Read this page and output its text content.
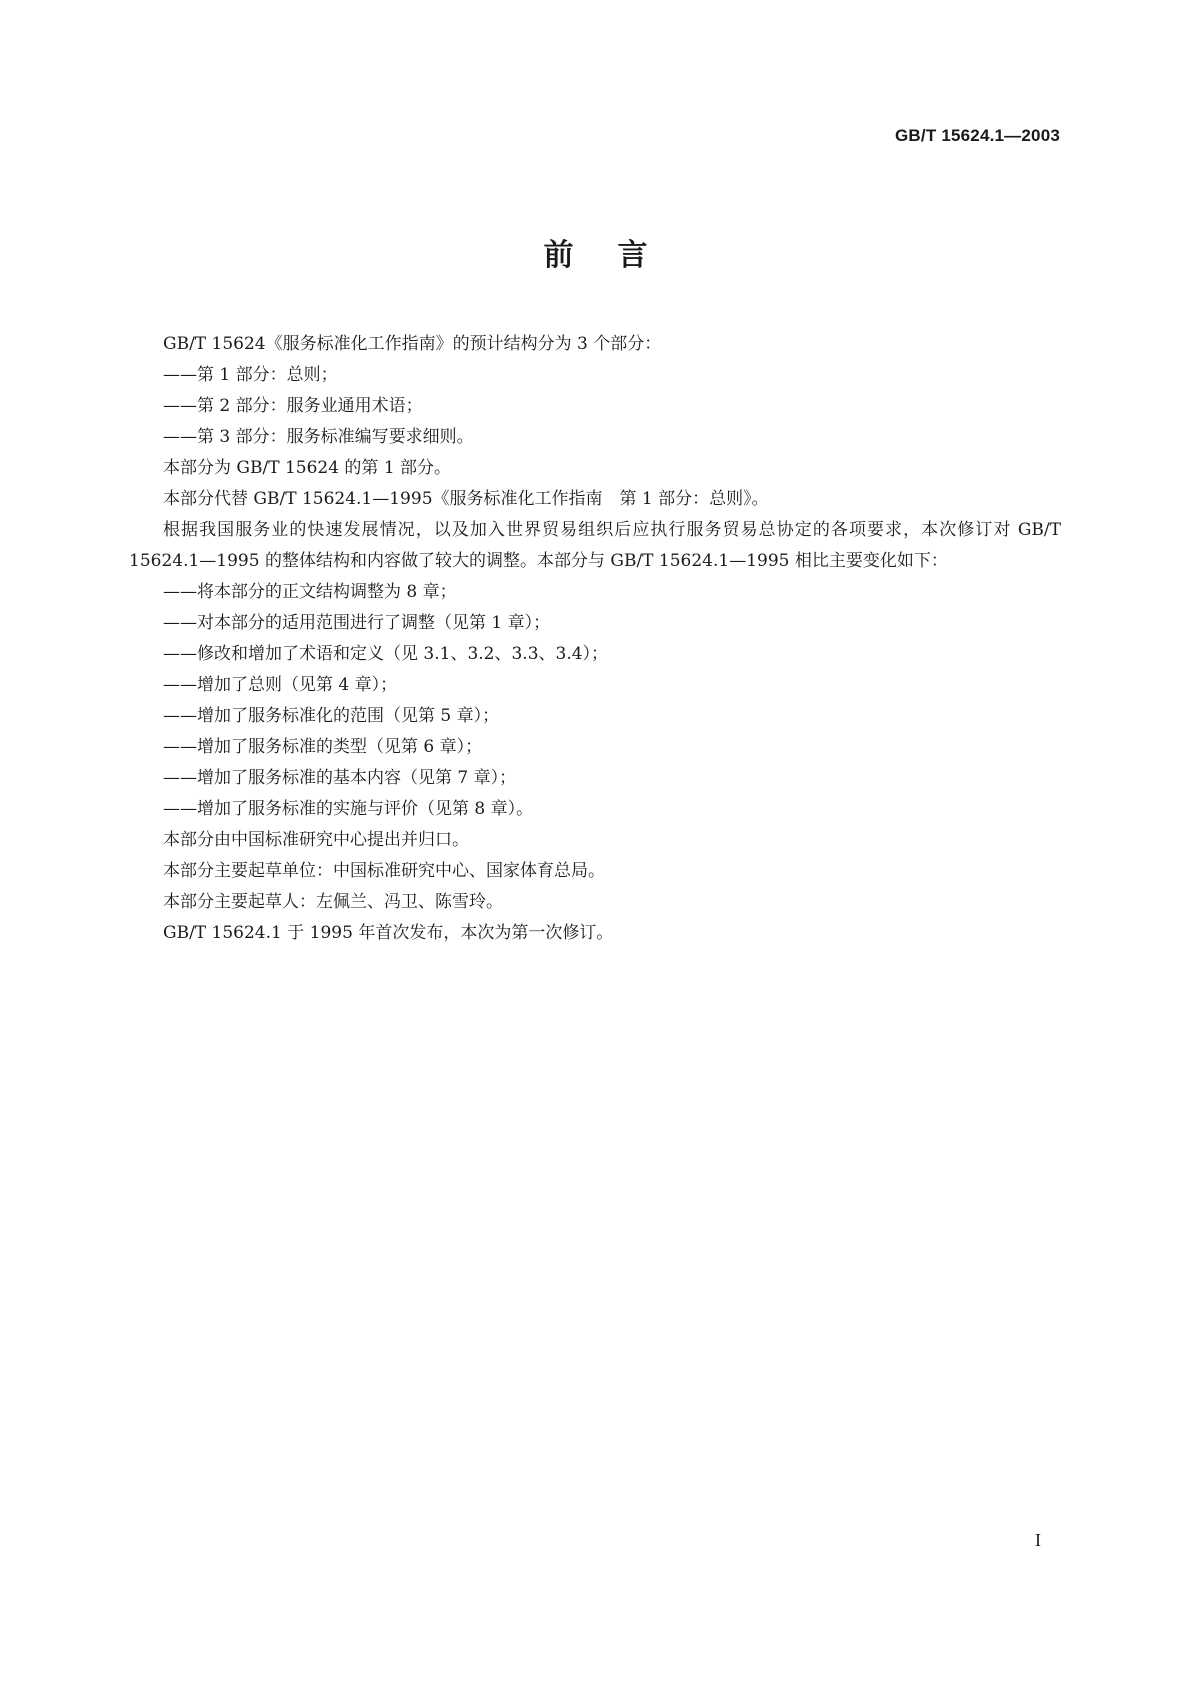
GB/T 15624.1—2003
前言

GB/T 15624《服务标准化工作指南》的预计结构分为 3 个部分：

——第 1 部分：总则；

——第 2 部分：服务业通用术语；

——第 3 部分：服务标准编写要求细则。

本部分为 GB/T 15624 的第 1 部分。

本部分代替 GB/T 15624.1—1995《服务标准化工作指南　第 1 部分：总则》。

根据我国服务业的快速发展情况，以及加入世界贸易组织后应执行服务贸易总协定的各项要求，本次修订对 GB/T 15624.1—1995 的整体结构和内容做了较大的调整。本部分与 GB/T 15624.1—1995 相比主要变化如下：

——将本部分的正文结构调整为 8 章；

——对本部分的适用范围进行了调整（见第 1 章）；

——修改和增加了术语和定义（见 3.1、3.2、3.3、3.4）；

——增加了总则（见第 4 章）；

——增加了服务标准化的范围（见第 5 章）；

——增加了服务标准的类型（见第 6 章）；

——增加了服务标准的基本内容（见第 7 章）；

——增加了服务标准的实施与评价（见第 8 章）。

本部分由中国标准研究中心提出并归口。

本部分主要起草单位：中国标准研究中心、国家体育总局。

本部分主要起草人：左佩兰、冯卫、陈雪玲。

GB/T 15624.1 于 1995 年首次发布，本次为第一次修订。

I
